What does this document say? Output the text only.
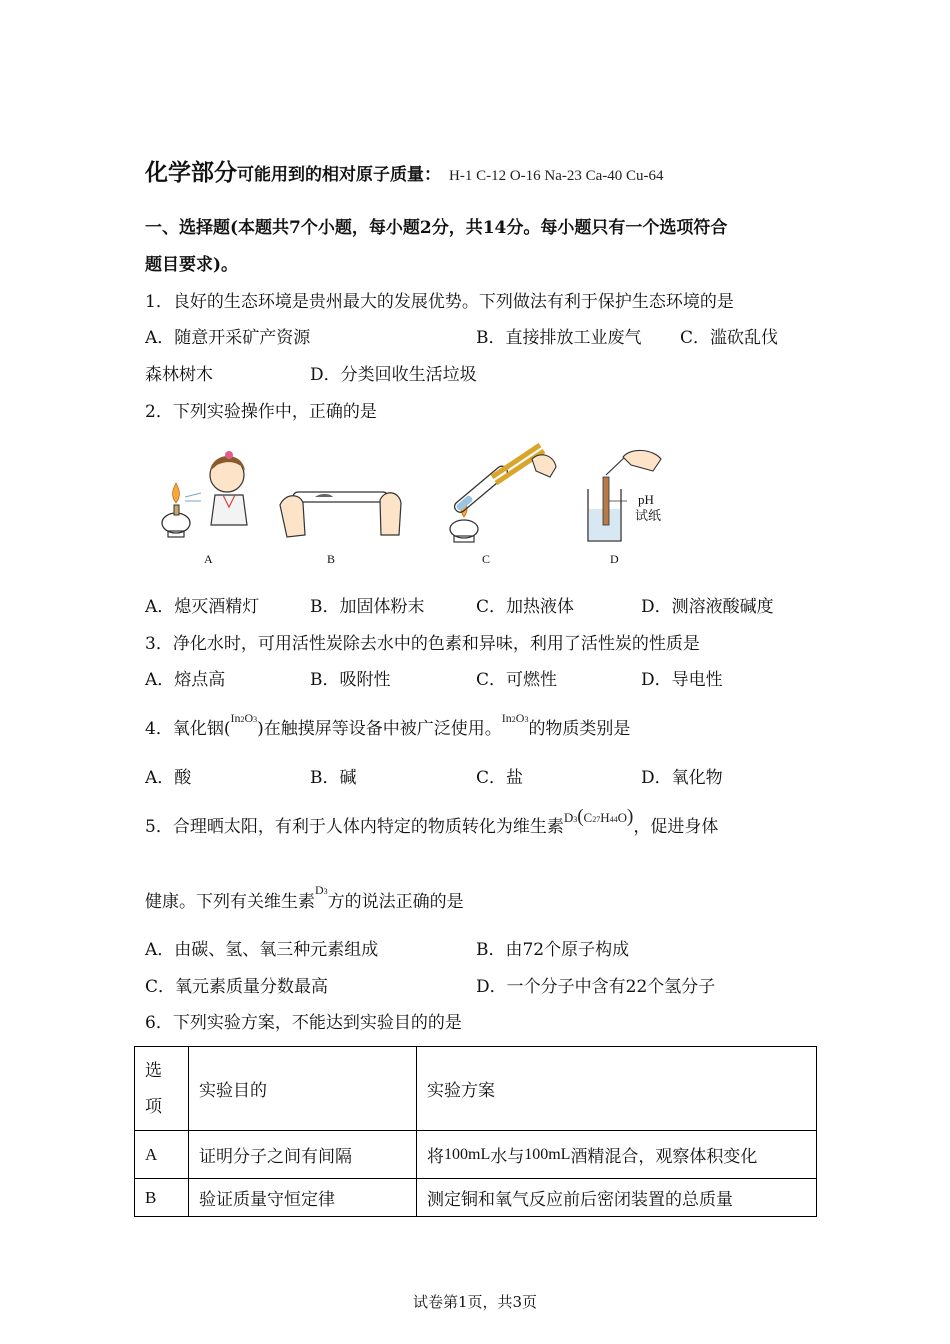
化学部分可能用到的相对原子质量： H-1 C-12 O-16 Na-23 Ca-40 Cu-64
一、选择题(本题共7个小题，每小题2分，共14分。每小题只有一个选项符合
题目要求)。
1．良好的生态环境是贵州最大的发展优势。下列做法有利于保护生态环境的是
A．随意开采矿产资源	B．直接排放工业废气 C．滥砍乱伐
森林树木	D．分类回收生活垃圾
2．下列实验操作中，正确的是
A	B	C
pH
试纸
D
A．熄灭酒精灯	B．加固体粉末	C．加热液体	D．测溶液酸碱度
3．净化水时，可用活性炭除去水中的色素和异味，利用了活性炭的性质是
A．熔点高	B．吸附性	C．可燃性	D．导电性
4．氧化铟($^{In2O3}$)在触摸屏等设备中被广泛使用。$^{In2O3}$的物质类别是
A．酸	B．碱	C．盐	D．氧化物
5．合理晒太阳，有利于人体内特定的物质转化为维生素$^{D3(C27H44O)}$，促进身体
健康。下列有关维生素$^{D3}$方的说法正确的是
A．由碳、氢、氧三种元素组成	B．由72个原子构成
C．氧元素质量分数最高	D．一个分子中含有22个氢分子
6．下列实验方案，不能达到实验目的的是
选
项	实验目的	实验方案
A	证明分子之间有间隔	将100mL水与100mL酒精混合，观察体积变化
B	验证质量守恒定律	测定铜和氧气反应前后密闭装置的总质量
试卷第1页，共3页
